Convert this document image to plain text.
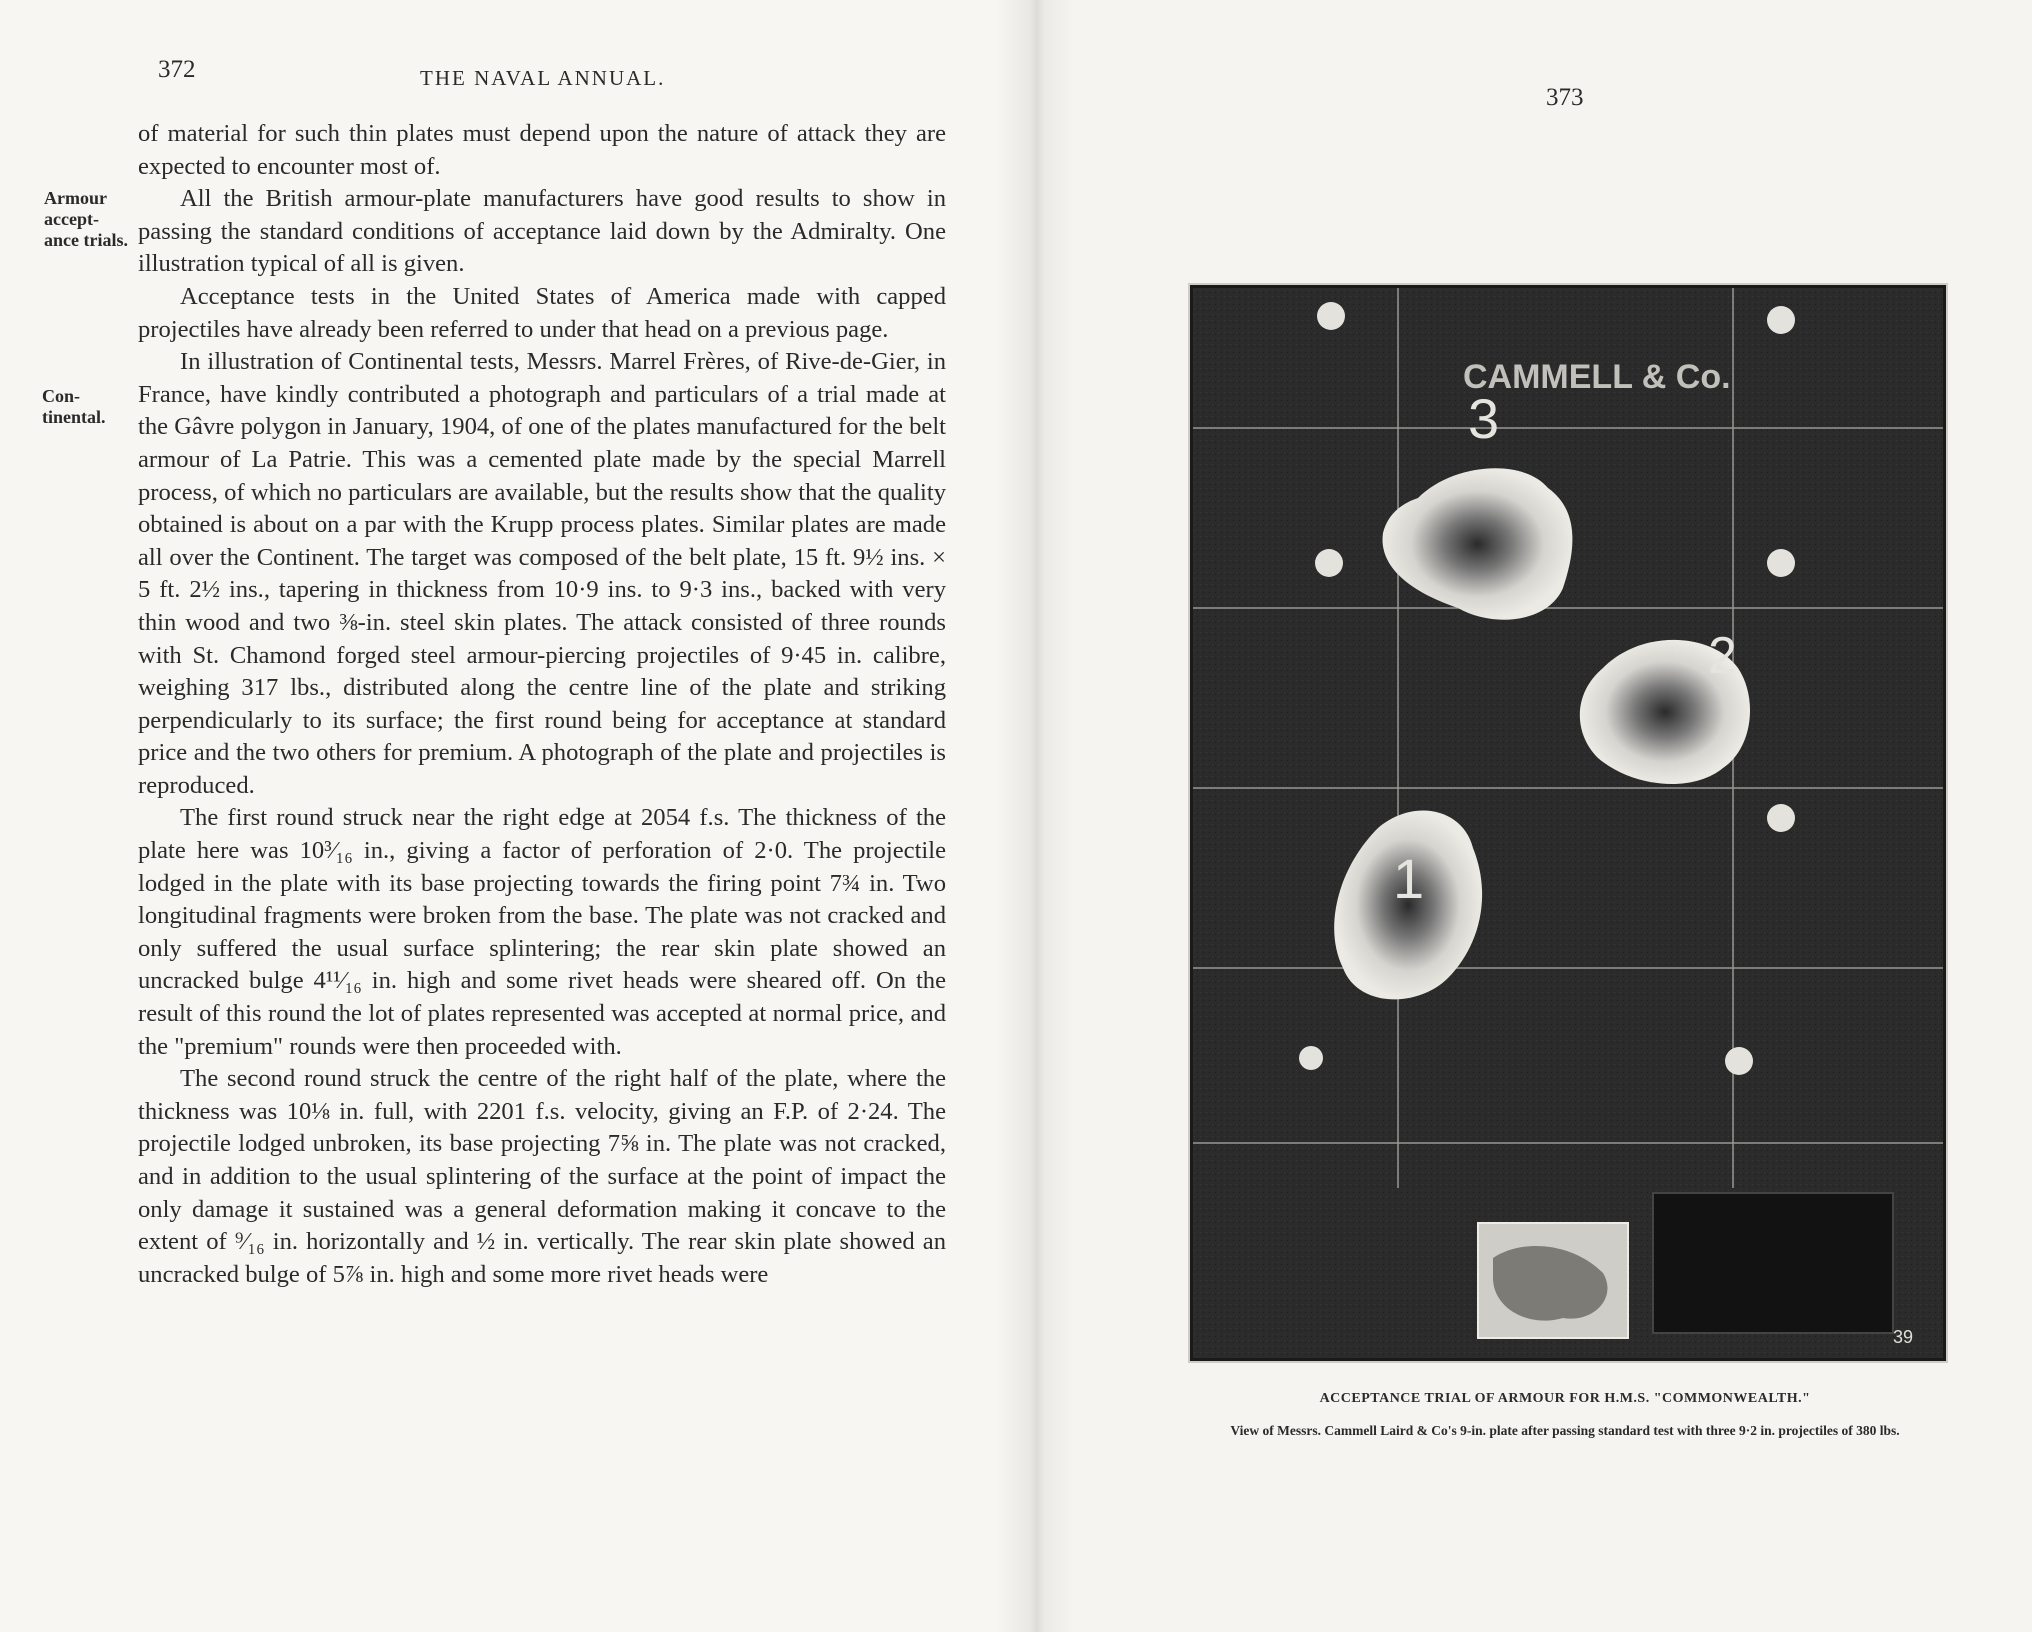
372	THE NAVAL ANNUAL.
Armour accept- ance trials.
Con- tinental.

of material for such thin plates must depend upon the nature of attack they are expected to encounter most of.

All the British armour-plate manufacturers have good results to show in passing the standard conditions of acceptance laid down by the Admiralty. One illustration typical of all is given.

Acceptance tests in the United States of America made with capped projectiles have already been referred to under that head on a previous page.

In illustration of Continental tests, Messrs. Marrel Frères, of Rive-de-Gier, in France, have kindly contributed a photograph and particulars of a trial made at the Gâvre polygon in January, 1904, of one of the plates manufactured for the belt armour of La Patrie. This was a cemented plate made by the special Marrell process, of which no particulars are available, but the results show that the quality obtained is about on a par with the Krupp process plates. Similar plates are made all over the Continent. The target was composed of the belt plate, 15 ft. 9½ ins. × 5 ft. 2½ ins., tapering in thickness from 10·9 ins. to 9·3 ins., backed with very thin wood and two ⅜-in. steel skin plates. The attack consisted of three rounds with St. Chamond forged steel armour-piercing projectiles of 9·45 in. calibre, weighing 317 lbs., distributed along the centre line of the plate and striking perpendicularly to its surface; the first round being for acceptance at standard price and the two others for premium. A photograph of the plate and projectiles is reproduced.

The first round struck near the right edge at 2054 f.s. The thickness of the plate here was 10³⁄₁₆ in., giving a factor of perforation of 2·0. The projectile lodged in the plate with its base projecting towards the firing point 7¾ in. Two longitudinal fragments were broken from the base. The plate was not cracked and only suffered the usual surface splintering; the rear skin plate showed an uncracked bulge 4¹¹⁄₁₆ in. high and some rivet heads were sheared off. On the result of this round the lot of plates represented was accepted at normal price, and the "premium" rounds were then proceeded with.

The second round struck the centre of the right half of the plate, where the thickness was 10⅛ in. full, with 2201 f.s. velocity, giving an F.P. of 2·24. The projectile lodged unbroken, its base projecting 7⅝ in. The plate was not cracked, and in addition to the usual splintering of the surface at the point of impact the only damage it sustained was a general deformation making it concave to the extent of ⁹⁄₁₆ in. horizontally and ½ in. vertically. The rear skin plate showed an uncracked bulge of 5⅞ in. high and some more rivet heads were

373
CAMMELL & Co.
3
2
1
39
ACCEPTANCE TRIAL OF ARMOUR FOR H.M.S. "COMMONWEALTH."
View of Messrs. Cammell Laird & Co's 9-in. plate after passing standard test with three 9·2 in. projectiles of 380 lbs.
